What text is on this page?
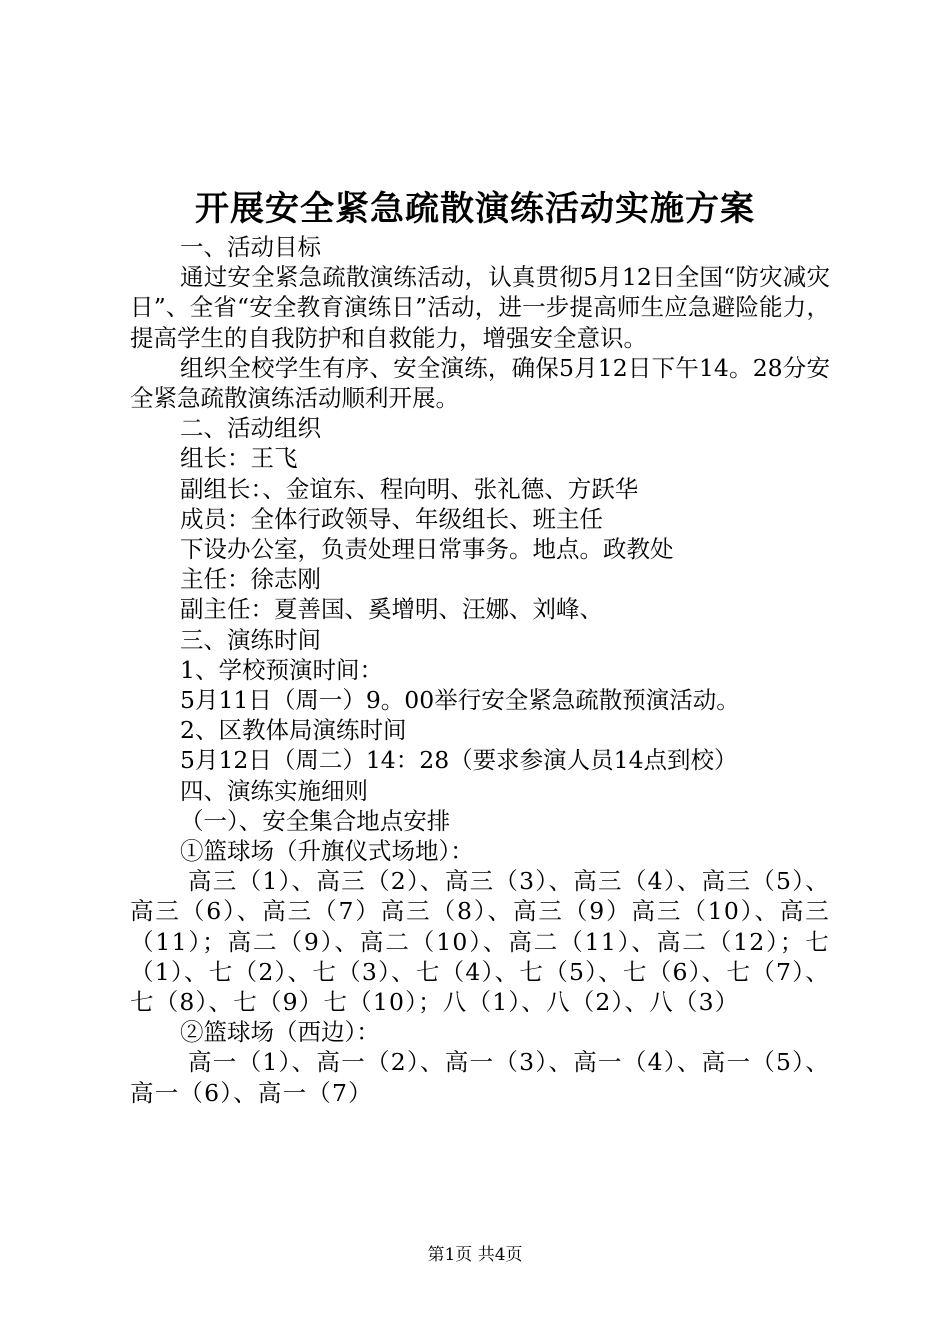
开展安全紧急疏散演练活动实施方案

一、活动目标

通过安全紧急疏散演练活动，认真贯彻5月12日全国“防灾减灾日”、全省“安全教育演练日”活动，进一步提高师生应急避险能力，提高学生的自我防护和自救能力，增强安全意识。

组织全校学生有序、安全演练，确保5月12日下午14。28分安全紧急疏散演练活动顺利开展。

二、活动组织

组长：王飞

副组长：、金谊东、程向明、张礼德、方跃华

成员：全体行政领导、年级组长、班主任

下设办公室，负责处理日常事务。地点。政教处

主任：徐志刚

副主任：夏善国、奚增明、汪娜、刘峰、

三、演练时间

1、学校预演时间：

5月11日（周一）9。00举行安全紧急疏散预演活动。

2、区教体局演练时间

5月12日（周二）14：28（要求参演人员14点到校）

四、演练实施细则

（一）、安全集合地点安排

①篮球场（升旗仪式场地）：

高三（1）、高三（2）、高三（3）、高三（4）、高三（5）、高三（6）、高三（7）高三（8）、高三（9）高三（10）、高三（11）；高二（9）、高二（10）、高二（11）、高二（12）；七（1）、七（2）、七（3）、七（4）、七（5）、七（6）、七（7）、七（8）、七（9）七（10）；八（1）、八（2）、八（3）

②篮球场（西边）：

高一（1）、高一（2）、高一（3）、高一（4）、高一（5）、高一（6）、高一（7）

第1页 共4页
